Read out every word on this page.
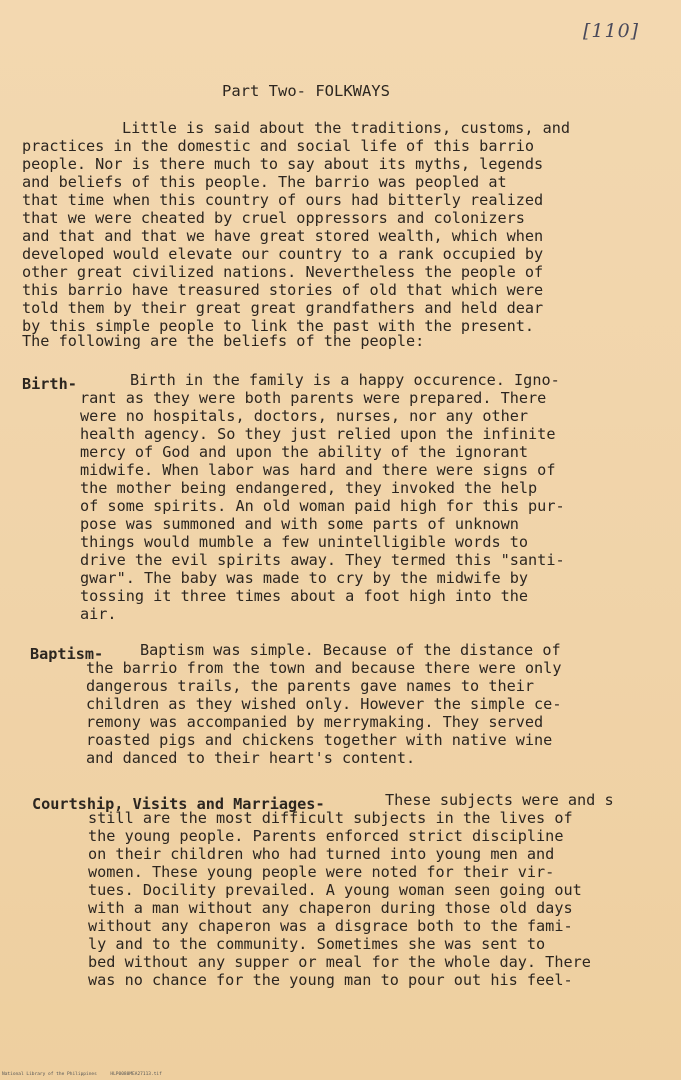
[110]
Part Two- FOLKWAYS
Little is said about the traditions, customs, and
practices in the domestic and social life of this barrio
people. Nor is there much to say about its myths, legends
and beliefs of this people. The barrio was peopled at
that time when this country of ours had bitterly realized
that we were cheated by cruel oppressors and colonizers
and that and that we have great stored wealth, which when
developed would elevate our country to a rank occupied by
other great civilized nations. Nevertheless the people of
this barrio have treasured stories of old that which were
told them by their great great grandfathers and held dear
by this simple people to link the past with the present.
The following are the beliefs of the people:
Birth-	Birth in the family is a happy occurence. Igno-
rant as they were both parents were prepared. There
were no hospitals, doctors, nurses, nor any other
health agency. So they just relied upon the infinite
mercy of God and upon the ability of the ignorant
midwife. When labor was hard and there were signs of
the mother being endangered, they invoked the help
of some spirits. An old woman paid high for this pur-
pose was summoned and with some parts of unknown
things would mumble a few unintelligible words to
drive the evil spirits away. They termed this "santi-
gwar". The baby was made to cry by the midwife by
tossing it three times about a foot high into the
air.
Baptism- Baptism was simple. Because of the distance of
the barrio from the town and because there were only
dangerous trails, the parents gave names to their
children as they wished only. However the simple ce-
remony was accompanied by merrymaking. They served
roasted pigs and chickens together with native wine
and danced to their heart's content.
Courtship, Visits and Marriages-	These subjects were and s
still are the most difficult subjects in the lives of
the young people. Parents enforced strict discipline
on their children who had turned into young men and
women. These young people were noted for their vir-
tues. Docility prevailed. A young woman seen going out
with a man without any chaperon during those old days
without any chaperon was a disgrace both to the fami-
ly and to the community. Sometimes she was sent to
bed without any supper or meal for the whole day. There
was no chance for the young man to pour out his feel-
National Library of the Philippines     HLP0080MEA27113.tif
